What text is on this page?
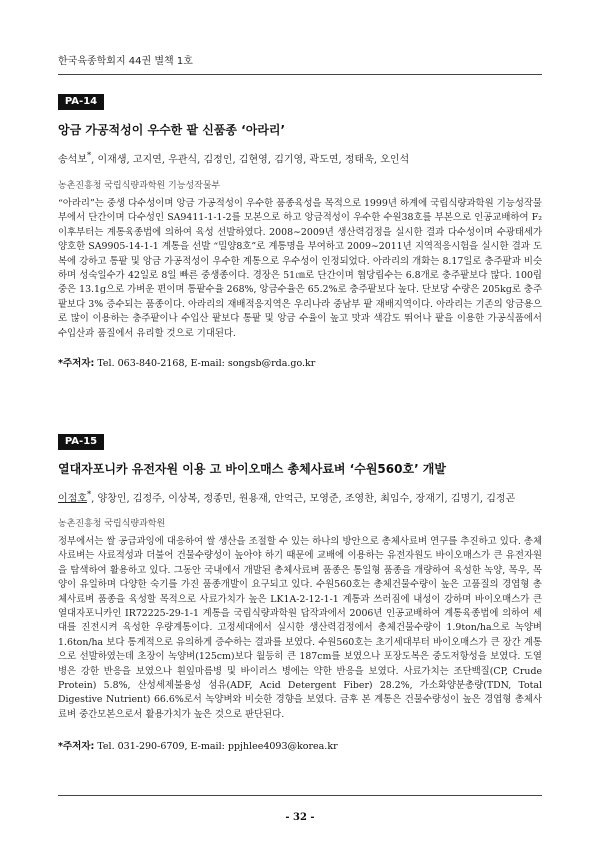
한국육종학회지 44권 별책 1호
PA-14
앙금 가공적성이 우수한 팥 신품종 ‘아라리’
송석보*, 이재생, 고지연, 우관식, 김정인, 김현영, 김기영, 곽도연, 정태욱, 오인석
농촌진흥청 국립식량과학원 기능성작물부
“아라리”는 중생 다수성이며 앙금 가공적성이 우수한 품종육성을 목적으로 1999년 하계에 국립식량과학원 기능성작물부에서 단간이며 다수성인 SA9411-1-1-2를 모본으로 하고 앙금적성이 우수한 수원38호를 부본으로 인공교배하여 F₂이후부터는 계통육종법에 의하여 육성 선발하였다. 2008∼2009년 생산력검정을 실시한 결과 다수성이며 수광태세가 양호한 SA9905-14-1-1 계통을 선발 “밀양8호”로 계통명을 부여하고 2009∼2011년 지역적응시험을 실시한 결과 도복에 강하고 통팥 및 앙금 가공적성이 우수한 계통으로 우수성이 인정되었다. 아라리의 개화는 8.17일로 충주팥과 비슷하며 성숙일수가 42일로 8일 빠른 중생종이다. 경장은 51㎝로 단간이며 협당립수는 6.8개로 충주팥보다 많다. 100립중은 13.1g으로 가벼운 편이며 통팥수율 268%, 앙금수율은 65.2%로 충주팥보다 높다. 단보당 수량은 205kg로 충주팥보다 3% 증수되는 품종이다. 아라리의 재배적응지역은 우리나라 중남부 팥 재배지역이다. 아라리는 기존의 앙금용으로 많이 이용하는 충주팥이나 수입산 팥보다 통팥 및 앙금 수율이 높고 맛과 색감도 뛰어나 팥을 이용한 가공식품에서 수입산과 품질에서 유리할 것으로 기대된다.
*주저자: Tel. 063-840-2168, E-mail: songsb@rda.go.kr
PA-15
열대자포니카 유전자원 이용 고 바이오매스 총체사료벼 ‘수원560호’ 개발
이점호*, 양창인, 김정주, 이상복, 정종민, 원용재, 안억근, 모영준, 조영찬, 최임수, 장재기, 김명기, 김정곤
농촌진흥청 국립식량과학원
정부에서는 쌀 공급과잉에 대응하여 쌀 생산을 조절할 수 있는 하나의 방안으로 총체사료벼 연구를 추진하고 있다. 총체사료벼는 사료적성과 더불어 건물수량성이 높아야 하기 때문에 교배에 이용하는 유전자원도 바이오매스가 큰 유전자원을 탐색하여 활용하고 있다. 그동안 국내에서 개발된 총체사료벼 품종은 통일형 품종을 개량하여 육성한 녹양, 목우, 목양이 유일하며 다양한 숙기를 가진 품종개발이 요구되고 있다. 수원560호는 총체건물수량이 높은 고품질의 경엽형 총체사료벼 품종을 육성할 목적으로 사료가치가 높은 LK1A-2-12-1-1 계통과 쓰러짐에 내성이 강하며 바이오매스가 큰 열대자포니카인 IR72225-29-1-1 계통을 국립식량과학원 답작과에서 2006년 인공교배하여 계통육종법에 의하여 세대를 진전시켜 육성한 우량계통이다. 고정세대에서 실시한 생산력검정에서 총체건물수량이 1.9ton/ha으로 녹양벼 1.6ton/ha 보다 통계적으로 유의하게 증수하는 결과를 보였다. 수원560호는 초기세대부터 바이오매스가 큰 장간 계통으로 선발하였는데 초장이 녹양벼(125cm)보다 월등히 큰 187cm를 보였으나 포장도복은 중도저항성을 보였다. 도열병은 강한 반응을 보였으나 흰잎마름병 및 바이러스 병에는 약한 반응을 보였다. 사료가치는 조단백질(CP, Crude Protein) 5.8%, 산성세제불용성 섬유(ADF, Acid Detergent Fiber) 28.2%, 가소화양분총량(TDN, Total Digestive Nutrient) 66.6%로서 녹양벼와 비슷한 경향을 보였다. 금후 본 계통은 건물수량성이 높은 경엽형 총체사료벼 중간모본으로서 활용가치가 높은 것으로 판단된다.
*주저자: Tel. 031-290-6709, E-mail: ppjhlee4093@korea.kr
- 32 -
